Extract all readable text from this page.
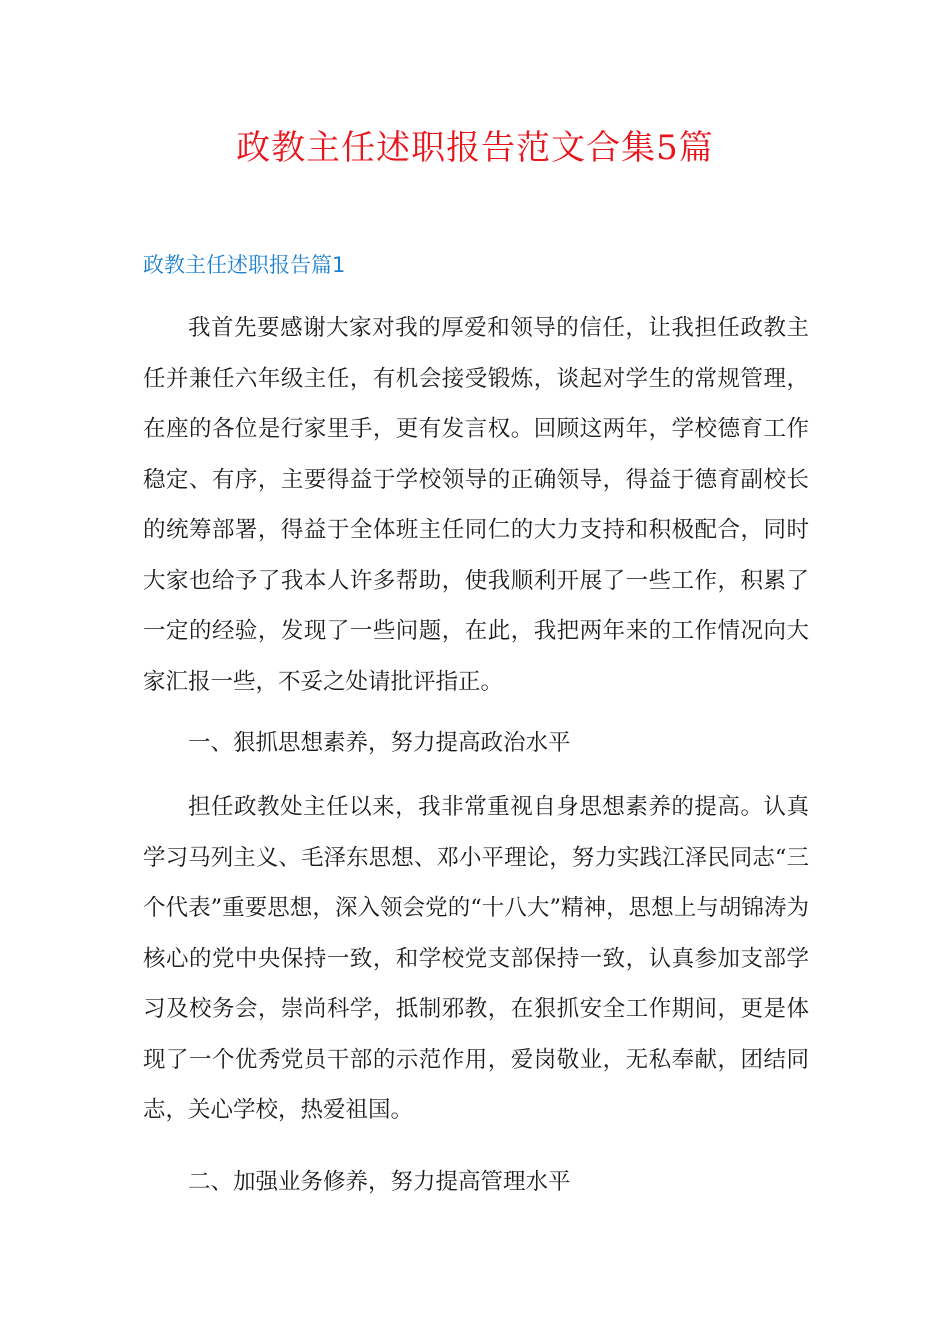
政教主任述职报告范文合集5篇
政教主任述职报告篇1

我首先要感谢大家对我的厚爱和领导的信任，让我担任政教主任并兼任六年级主任，有机会接受锻炼，谈起对学生的常规管理，在座的各位是行家里手，更有发言权。回顾这两年，学校德育工作稳定、有序，主要得益于学校领导的正确领导，得益于德育副校长的统筹部署，得益于全体班主任同仁的大力支持和积极配合，同时大家也给予了我本人许多帮助，使我顺利开展了一些工作，积累了一定的经验，发现了一些问题，在此，我把两年来的工作情况向大家汇报一些，不妥之处请批评指正。

一、狠抓思想素养，努力提高政治水平

担任政教处主任以来，我非常重视自身思想素养的提高。认真学习马列主义、毛泽东思想、邓小平理论，努力实践江泽民同志“三个代表”重要思想，深入领会党的“十八大”精神，思想上与胡锦涛为核心的党中央保持一致，和学校党支部保持一致，认真参加支部学习及校务会，崇尚科学，抵制邪教，在狠抓安全工作期间，更是体现了一个优秀党员干部的示范作用，爱岗敬业，无私奉献，团结同志，关心学校，热爱祖国。

二、加强业务修养，努力提高管理水平
